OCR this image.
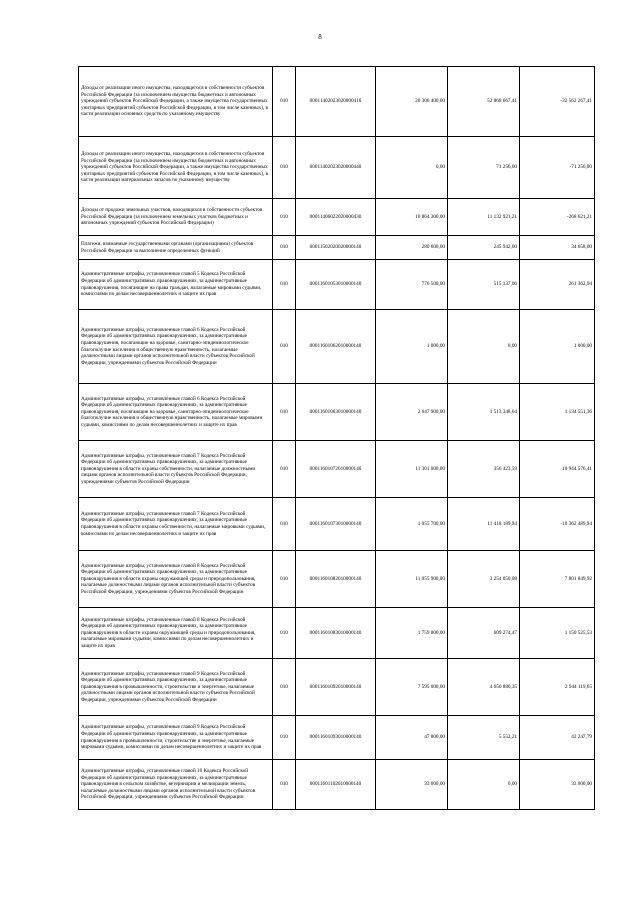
8
Доходы от реализации иного имущества, находящегося в собственности субъектов Российской Федерации (за исключением имущества бюджетных и автономных учреждений субъектов Российской Федерации, а также имущества государственных унитарных предприятий субъектов Российской Федерации, в том числе казенных), в части реализации основных средств по указанному имуществу	010	00011402023020000410	20 306 400,00	52 868 667,41	-32 562 267,41
Доходы от реализации иного имущества, находящегося в собственности субъектов Российской Федерации (за исключением имущества бюджетных и автономных учреждений субъектов Российской Федерации, а также имущества государственных унитарных предприятий субъектов Российской Федерации, в том числе казенных), в части реализации материальных запасов по указанному имуществу	010	00011402023020000440	0,00	71 256,00	-71 256,00
Доходы от продажи земельных участков, находящихся в собственности субъектов Российской Федерации (за исключением земельных участков бюджетных и автономных учреждений субъектов Российской Федерации)	010	00011406022020000430	10 864 300,00	11 132 921,21	-268 621,21
Платежи, взимаемые государственными органами (организациями) субъектов Российской Федерации за выполнение определенных функций	010	00011502020020000140	280 600,00	245 942,00	34 658,00
Административные штрафы, установленные главой 5 Кодекса Российской Федерации об административных правонарушениях, за административные правонарушения, посягающие на права граждан, налагаемые мировыми судьями, комиссиями по делам несовершеннолетних и защите их прав	010	00011601053010000140	776 500,00	515 137,06	261 362,94
Административные штрафы, установленные главой 6 Кодекса Российской Федерации об административных правонарушениях, за административные правонарушения, посягающие на здоровье, санитарно-эпидемиологическое благополучие населения и общественную нравственность, налагаемые должностными лицами органов исполнительной власти субъектов Российской Федерации, учреждениями субъектов Российской Федерации	010	00011601062010000140	1 000,00	0,00	1 000,00
Административные штрафы, установленные главой 6 Кодекса Российской Федерации об административных правонарушениях, за административные правонарушения, посягающие на здоровье, санитарно-эпидемиологическое благополучие населения и общественную нравственность, налагаемые мировыми судьями, комиссиями по делам несовершеннолетних и защите их прав	010	00011601063010000140	2 647 900,00	1 513 348,64	1 134 551,36
Административные штрафы, установленные главой 7 Кодекса Российской Федерации об административных правонарушениях, за административные правонарушения в области охраны собственности, налагаемые должностными лицами органов исполнительной власти субъектов Российской Федерации, учреждениями субъектов Российской Федерации	010	00011601072010000140	11 301 000,00	356 423,59	10 944 576,41
Административные штрафы, установленные главой 7 Кодекса Российской Федерации об административных правонарушениях, за административные правонарушения в области охраны собственности, налагаемые мировыми судьями, комиссиями по делам несовершеннолетних и защите их прав	010	00011601073010000140	1 055 700,00	11 418 189,94	-10 362 489,94
Административные штрафы, установленные главой 8 Кодекса Российской Федерации об административных правонарушениях, за административные правонарушения в области охраны окружающей среды и природопользования, налагаемые должностными лицами органов исполнительной власти субъектов Российской Федерации, учреждениями субъектов Российской Федерации	010	00011601082010000140	11 055 900,00	3 254 050,08	7 801 849,92
Административные штрафы, установленные главой 8 Кодекса Российской Федерации об административных правонарушениях, за административные правонарушения в области охраны окружающей среды и природопользования, налагаемые мировыми судьями, комиссиями по делам несовершеннолетних и защите их прав	010	00011601083010000140	1 759 800,00	609 274,47	1 150 525,53
Административные штрафы, установленные главой 9 Кодекса Российской Федерации об административных правонарушениях, за административные правонарушения в промышленности, строительстве и энергетике, налагаемые должностными лицами органов исполнительной власти субъектов Российской Федерации, учреждениями субъектов Российской Федерации	010	00011601092010000140	7 595 000,00	4 650 880,35	2 944 119,65
Административные штрафы, установленные главой 9 Кодекса Российской Федерации об административных правонарушениях, за административные правонарушения в промышленности, строительстве и энергетике, налагаемые мировыми судьями, комиссиями по делам несовершеннолетних и защите их прав	010	00011601093010000140	47 800,00	5 552,21	42 247,79
Административные штрафы, установленные главой 10 Кодекса Российской Федерации об административных правонарушениях, за административные правонарушения в сельском хозяйстве, ветеринарии и мелиорации земель, налагаемые должностными лицами органов исполнительной власти субъектов Российской Федерации, учреждениями субъектов Российской Федерации	010	00011601102010000140	33 000,00	0,00	33 000,00
